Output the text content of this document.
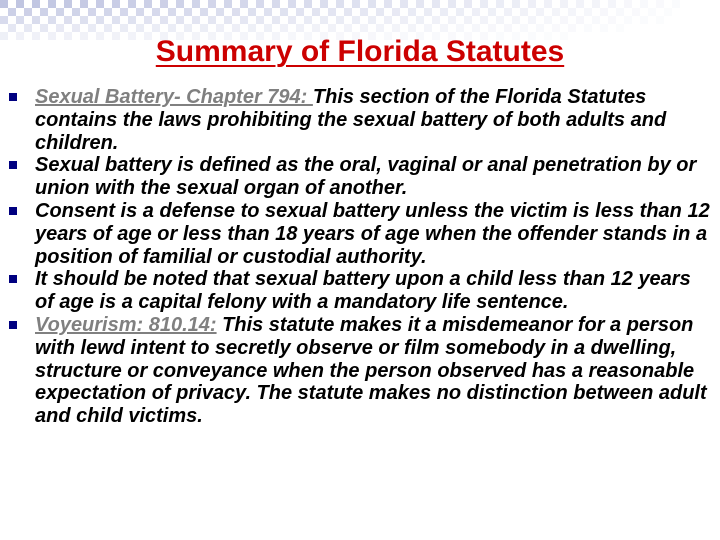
Summary of Florida Statutes
Sexual Battery- Chapter 794: This section of the Florida Statutes contains the laws prohibiting the sexual battery of both adults and children.
Sexual battery is defined as the oral, vaginal or anal penetration by or union with the sexual organ of another.
Consent is a defense to sexual battery unless the victim is less than 12 years of age or less than 18 years of age when the offender stands in a position of familial or custodial authority.
It should be noted that sexual battery upon a child less than 12 years of age is a capital felony with a mandatory life sentence.
Voyeurism: 810.14: This statute makes it a misdemeanor for a person with lewd intent to secretly observe or film somebody in a dwelling, structure or conveyance when the person observed has a reasonable expectation of privacy. The statute makes no distinction between adult and child victims.
